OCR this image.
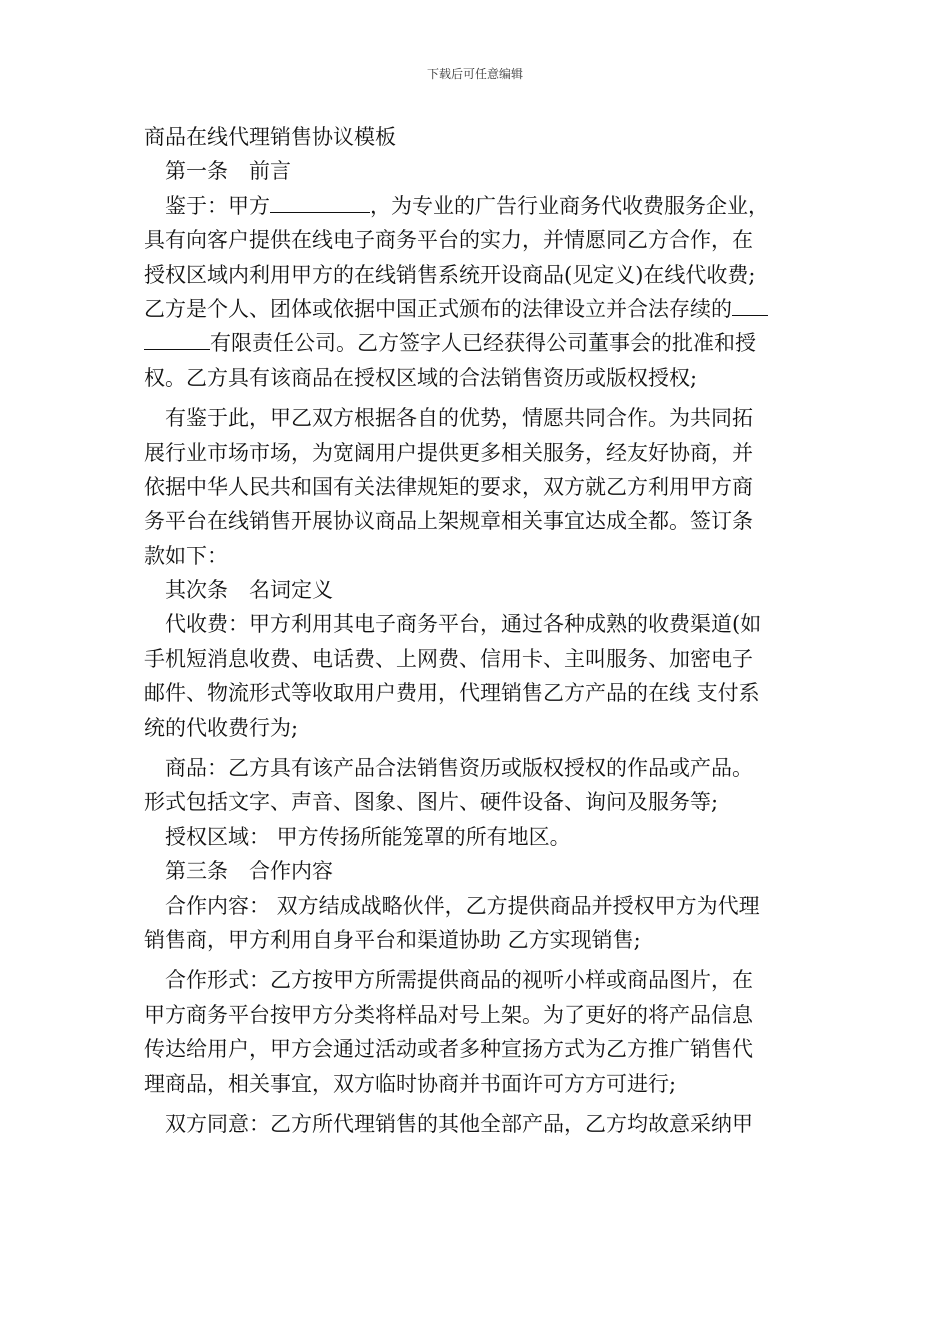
下载后可任意编辑
商品在线代理销售协议模板
第一条　前言
鉴于：甲方	，为专业的广告行业商务代收费服务企业，
具有向客户提供在线电子商务平台的实力，并情愿同乙方合作，在
授权区域内利用甲方的在线销售系统开设商品(见定义)在线代收费;
乙方是个人、团体或依据中国正式颁布的法律设立并合法存续的
有限责任公司。乙方签字人已经获得公司董事会的批准和授
权。乙方具有该商品在授权区域的合法销售资历或版权授权;
有鉴于此，甲乙双方根据各自的优势，情愿共同合作。为共同拓
展行业市场市场，为宽阔用户提供更多相关服务，经友好协商，并
依据中华人民共和国有关法律规矩的要求，双方就乙方利用甲方商
务平台在线销售开展协议商品上架规章相关事宜达成全都。签订条
款如下：
其次条　名词定义
代收费：甲方利用其电子商务平台，通过各种成熟的收费渠道(如
手机短消息收费、电话费、上网费、信用卡、主叫服务、加密电子
邮件、物流形式等收取用户费用，代理销售乙方产品的在线 支付系
统的代收费行为;
商品：乙方具有该产品合法销售资历或版权授权的作品或产品。
形式包括文字、声音、图象、图片、硬件设备、询问及服务等;
授权区域： 甲方传扬所能笼罩的所有地区。
第三条　合作内容
合作内容： 双方结成战略伙伴，乙方提供商品并授权甲方为代理
销售商，甲方利用自身平台和渠道协助 乙方实现销售;
合作形式：乙方按甲方所需提供商品的视听小样或商品图片，在
甲方商务平台按甲方分类将样品对号上架。为了更好的将产品信息
传达给用户，甲方会通过活动或者多种宣扬方式为乙方推广销售代
理商品，相关事宜，双方临时协商并书面许可方方可进行;
双方同意：乙方所代理销售的其他全部产品，乙方均故意采纳甲
